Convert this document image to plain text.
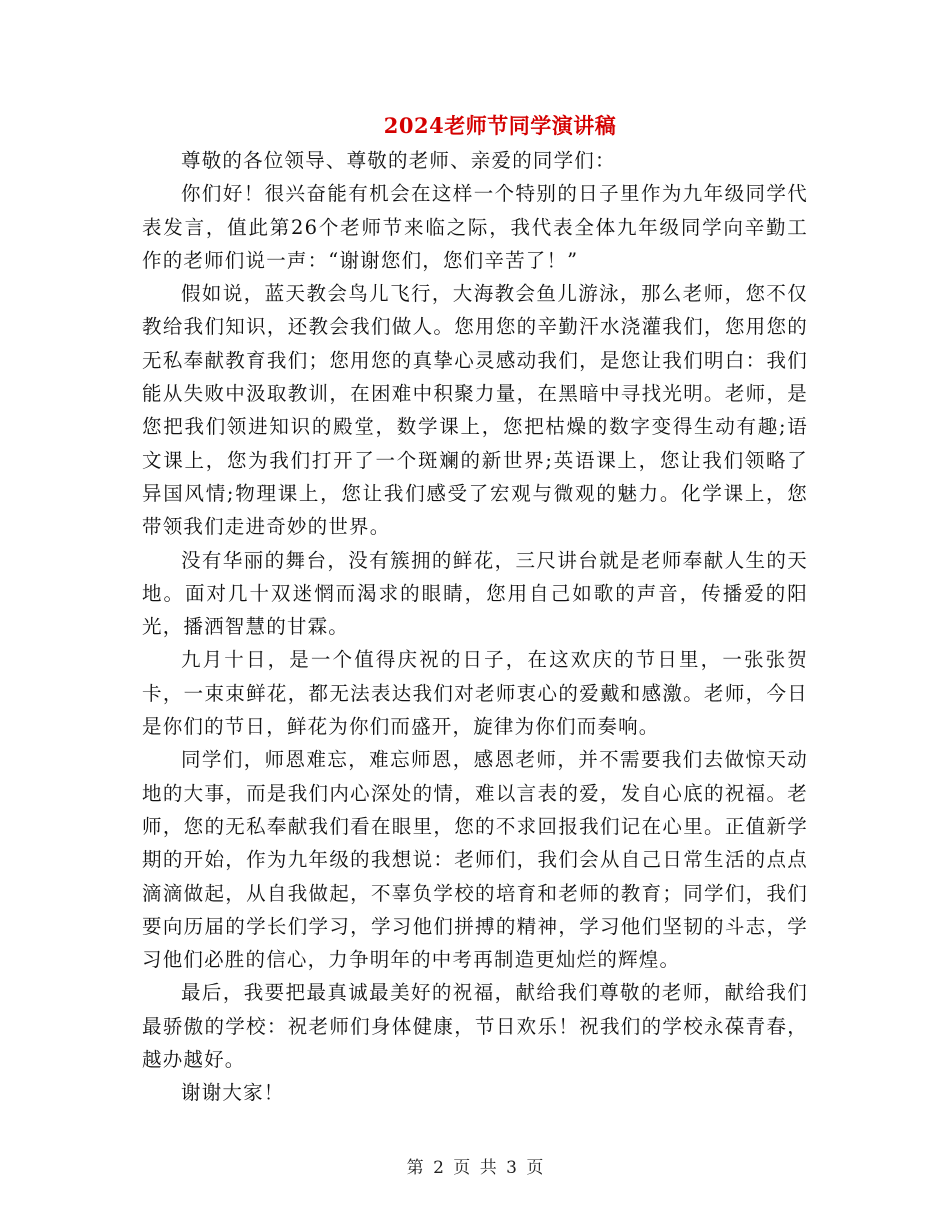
2024老师节同学演讲稿

尊敬的各位领导、尊敬的老师、亲爱的同学们：

你们好！很兴奋能有机会在这样一个特别的日子里作为九年级同学代表发言，值此第26个老师节来临之际，我代表全体九年级同学向辛勤工作的老师们说一声：“谢谢您们，您们辛苦了！”

假如说，蓝天教会鸟儿飞行，大海教会鱼儿游泳，那么老师，您不仅教给我们知识，还教会我们做人。您用您的辛勤汗水浇灌我们，您用您的无私奉献教育我们；您用您的真挚心灵感动我们，是您让我们明白：我们能从失败中汲取教训，在困难中积聚力量，在黑暗中寻找光明。老师，是您把我们领进知识的殿堂，数学课上，您把枯燥的数字变得生动有趣;语文课上，您为我们打开了一个斑斓的新世界;英语课上，您让我们领略了异国风情;物理课上，您让我们感受了宏观与微观的魅力。化学课上，您带领我们走进奇妙的世界。

没有华丽的舞台，没有簇拥的鲜花，三尺讲台就是老师奉献人生的天地。面对几十双迷惘而渴求的眼睛，您用自己如歌的声音，传播爱的阳光，播洒智慧的甘霖。

九月十日，是一个值得庆祝的日子，在这欢庆的节日里，一张张贺卡，一束束鲜花，都无法表达我们对老师衷心的爱戴和感激。老师，今日是你们的节日，鲜花为你们而盛开，旋律为你们而奏响。

同学们，师恩难忘，难忘师恩，感恩老师，并不需要我们去做惊天动地的大事，而是我们内心深处的情，难以言表的爱，发自心底的祝福。老师，您的无私奉献我们看在眼里，您的不求回报我们记在心里。正值新学期的开始，作为九年级的我想说：老师们，我们会从自己日常生活的点点滴滴做起，从自我做起，不辜负学校的培育和老师的教育；同学们，我们要向历届的学长们学习，学习他们拼搏的精神，学习他们坚韧的斗志，学习他们必胜的信心，力争明年的中考再制造更灿烂的辉煌。

最后，我要把最真诚最美好的祝福，献给我们尊敬的老师，献给我们最骄傲的学校：祝老师们身体健康，节日欢乐！祝我们的学校永葆青春，越办越好。

谢谢大家！

第 2 页 共 3 页
